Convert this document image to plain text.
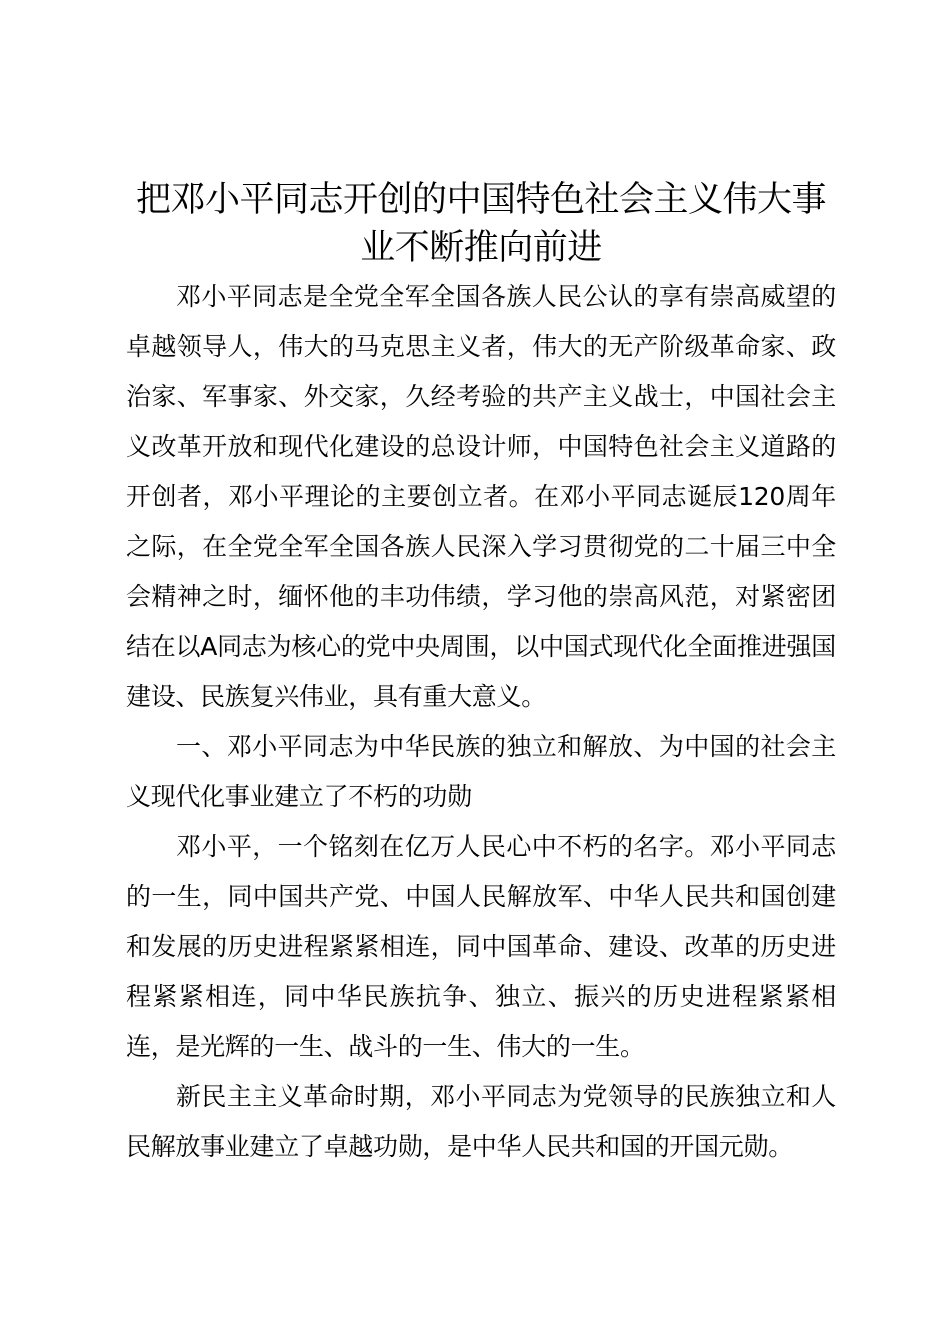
把邓小平同志开创的中国特色社会主义伟大事业不断推向前进

邓小平同志是全党全军全国各族人民公认的享有崇高威望的卓越领导人，伟大的马克思主义者，伟大的无产阶级革命家、政治家、军事家、外交家，久经考验的共产主义战士，中国社会主义改革开放和现代化建设的总设计师，中国特色社会主义道路的开创者，邓小平理论的主要创立者。在邓小平同志诞辰120周年之际，在全党全军全国各族人民深入学习贯彻党的二十届三中全会精神之时，缅怀他的丰功伟绩，学习他的崇高风范，对紧密团结在以A同志为核心的党中央周围，以中国式现代化全面推进强国建设、民族复兴伟业，具有重大意义。

一、邓小平同志为中华民族的独立和解放、为中国的社会主义现代化事业建立了不朽的功勋

邓小平，一个铭刻在亿万人民心中不朽的名字。邓小平同志的一生，同中国共产党、中国人民解放军、中华人民共和国创建和发展的历史进程紧紧相连，同中国革命、建设、改革的历史进程紧紧相连，同中华民族抗争、独立、振兴的历史进程紧紧相连，是光辉的一生、战斗的一生、伟大的一生。

新民主主义革命时期，邓小平同志为党领导的民族独立和人民解放事业建立了卓越功勋，是中华人民共和国的开国元勋。
